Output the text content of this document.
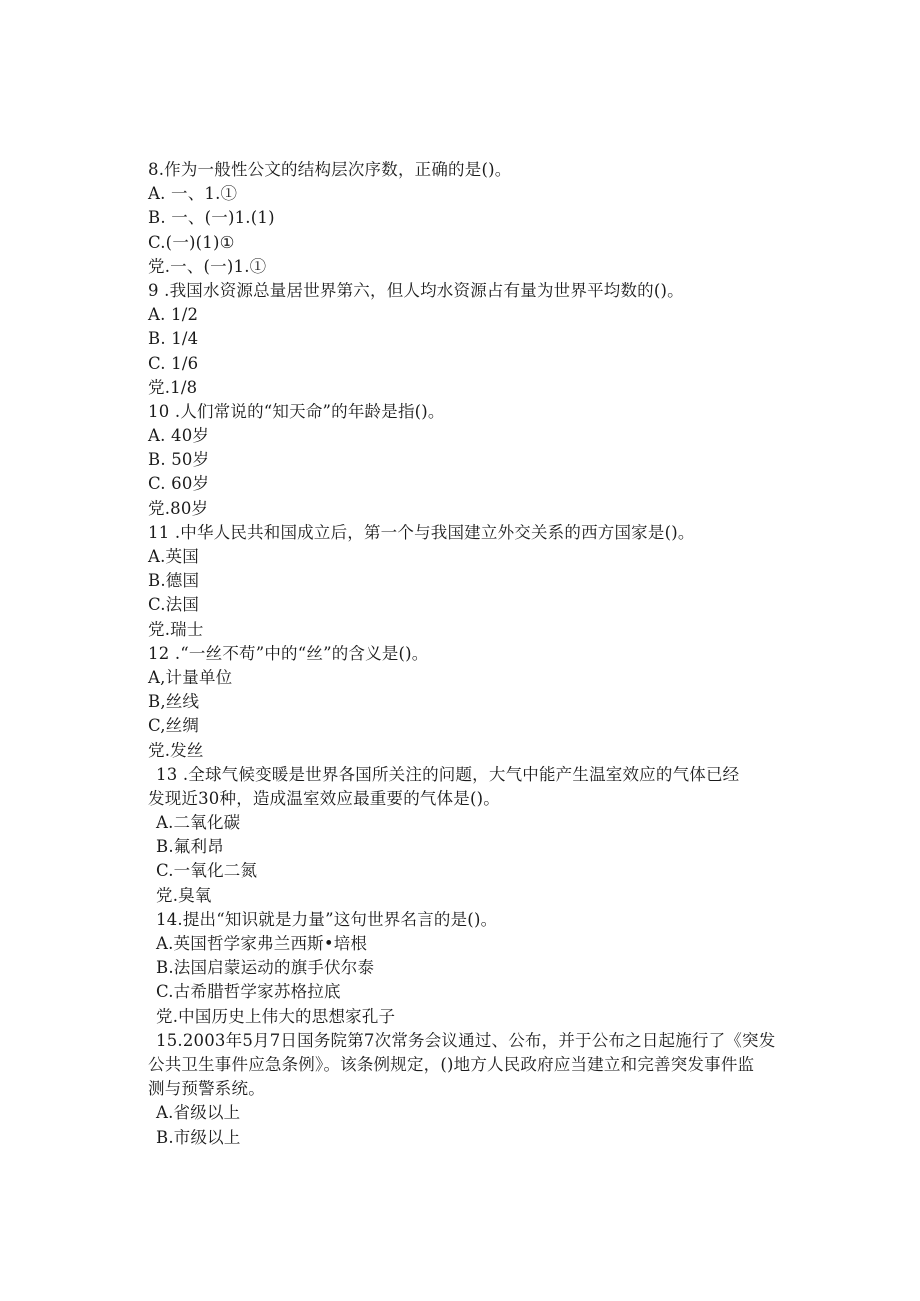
8.作为一般性公文的结构层次序数，正确的是()。
A. 一、1.①
B. 一、(一)1.(1)
C.(一)(1)①
党.一、(一)1.①
9 .我国水资源总量居世界第六，但人均水资源占有量为世界平均数的()。
A. 1/2
B. 1/4
C. 1/6
党.1/8
10 .人们常说的“知天命”的年龄是指()。
A. 40岁
B. 50岁
C. 60岁
党.80岁
11 .中华人民共和国成立后，第一个与我国建立外交关系的西方国家是()。
A.英国
B.德国
C.法国
党.瑞士
12 .“一丝不苟”中的“丝”的含义是()。
A,计量单位
B,丝线
C,丝绸
党.发丝
13 .全球气候变暖是世界各国所关注的问题，大气中能产生温室效应的气体已经
发现近30种，造成温室效应最重要的气体是()。
A.二氧化碳
B.氟利昂
C.一氧化二氮
党.臭氧
14.提出“知识就是力量”这句世界名言的是()。
A.英国哲学家弗兰西斯•培根
B.法国启蒙运动的旗手伏尔泰
C.古希腊哲学家苏格拉底
党.中国历史上伟大的思想家孔子
15.2003年5月7日国务院第7次常务会议通过、公布，并于公布之日起施行了《突发
公共卫生事件应急条例》。该条例规定，()地方人民政府应当建立和完善突发事件监
测与预警系统。
A.省级以上
B.市级以上
